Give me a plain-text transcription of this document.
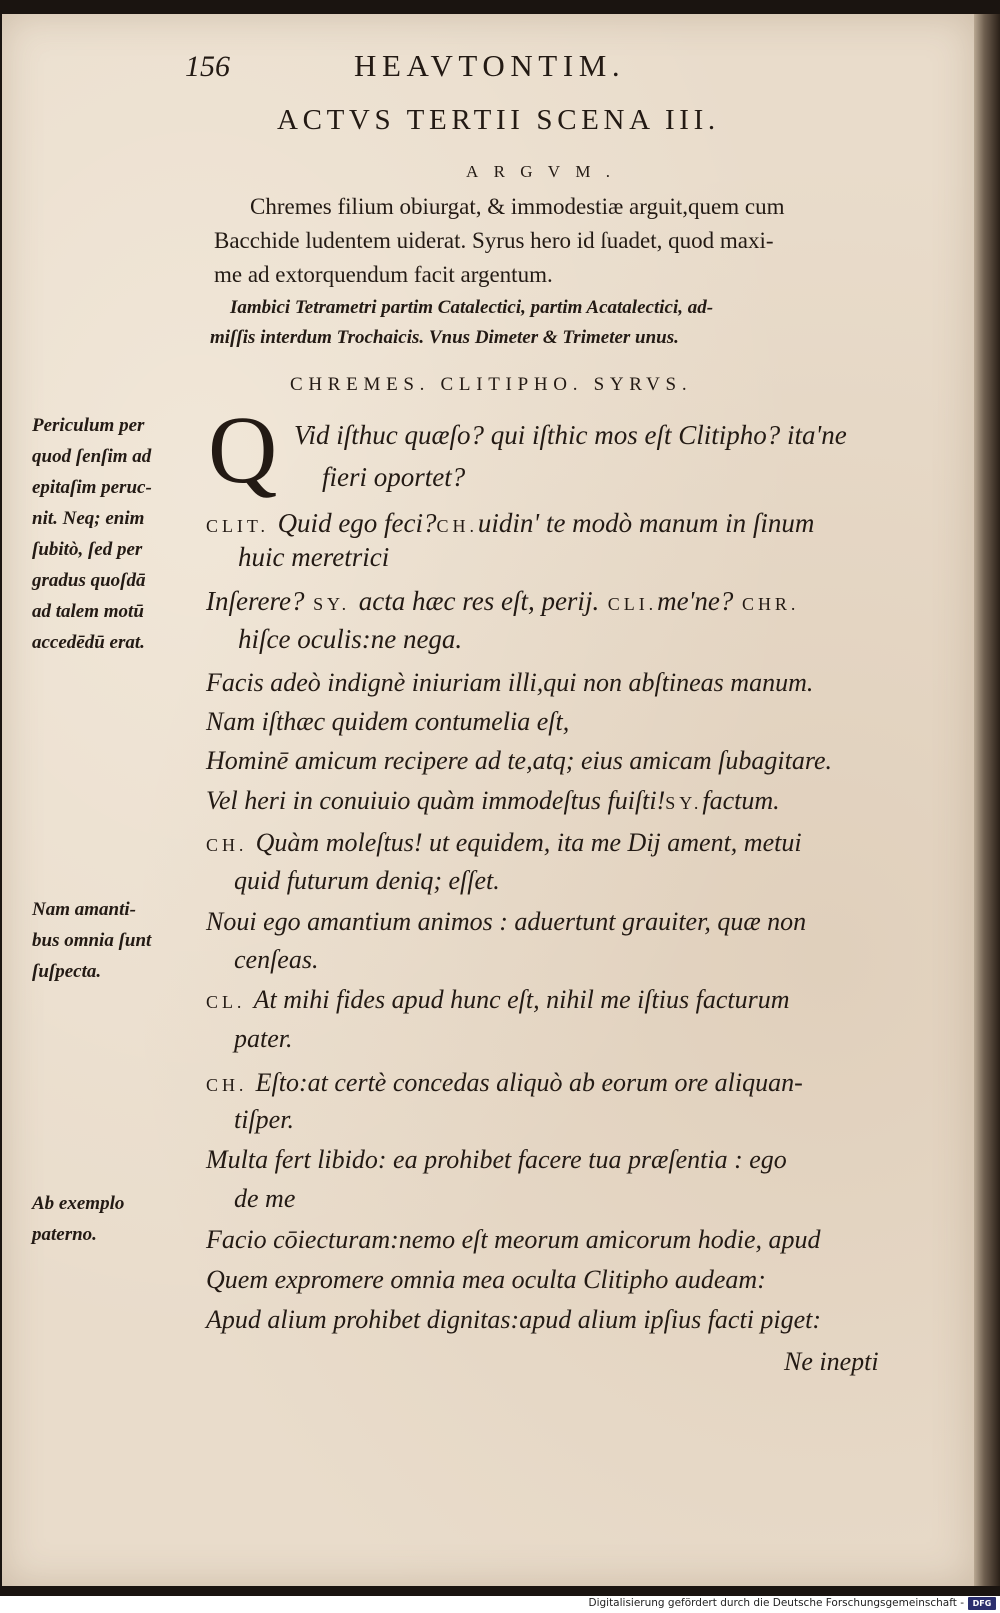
156	HEAVTONTIM.
ACTVS TERTII SCENA III.
ARGVM.
Chremes filium obiurgat, & immodestiæ arguit,quem cum
Bacchide ludentem uiderat. Syrus hero id ſuadet, quod maxi-
me ad extorquendum facit argentum.
Iambici Tetrametri partim Catalectici, partim Acatalectici, ad-
miſſis interdum Trochaicis. Vnus Dimeter & Trimeter unus.
CHREMES. CLITIPHO. SYRVS.
Q Vid iſthuc quæſo? qui iſthic mos eſt Clitipho? ita'ne
fieri oportet?
CLIT. Quid ego feci?CH.uidin' te modò manum in ſinum
huic meretrici
Inſerere? SY. acta hæc res eſt, perij. CLI.me'ne? CHR.
hiſce oculis:ne nega.
Facis adeò indignè iniuriam illi,qui non abſtineas manum.
Nam iſthæc quidem contumelia eſt,
Hominē amicum recipere ad te,atq; eius amicam ſubagitare.
Vel heri in conuiuio quàm immodeſtus fuiſti!SY.factum.
CH. Quàm moleſtus! ut equidem, ita me Dij ament, metui
quid futurum deniq; eſſet.
Noui ego amantium animos : aduertunt grauiter, quæ non
cenſeas.
CL. At mihi fides apud hunc eſt, nihil me iſtius facturum
pater.
CH. Eſto:at certè concedas aliquò ab eorum ore aliquan-
tiſper.
Multa fert libido: ea prohibet facere tua præſentia : ego
de me
Facio cōiecturam:nemo eſt meorum amicorum hodie, apud
Quem expromere omnia mea oculta Clitipho audeam:
Apud alium prohibet dignitas:apud alium ipſius facti piget:
Ne inepti
Periculum per
quod ſenſim ad
epitaſim peruc-
nit. Neq; enim
ſubitò, ſed per
gradus quoſdā
ad talem motū
accedēdū erat.
Nam amanti-
bus omnia ſunt
ſuſpecta.
Ab exemplo
paterno.
Digitalisierung gefördert durch die Deutsche Forschungsgemeinschaft -	DFG
